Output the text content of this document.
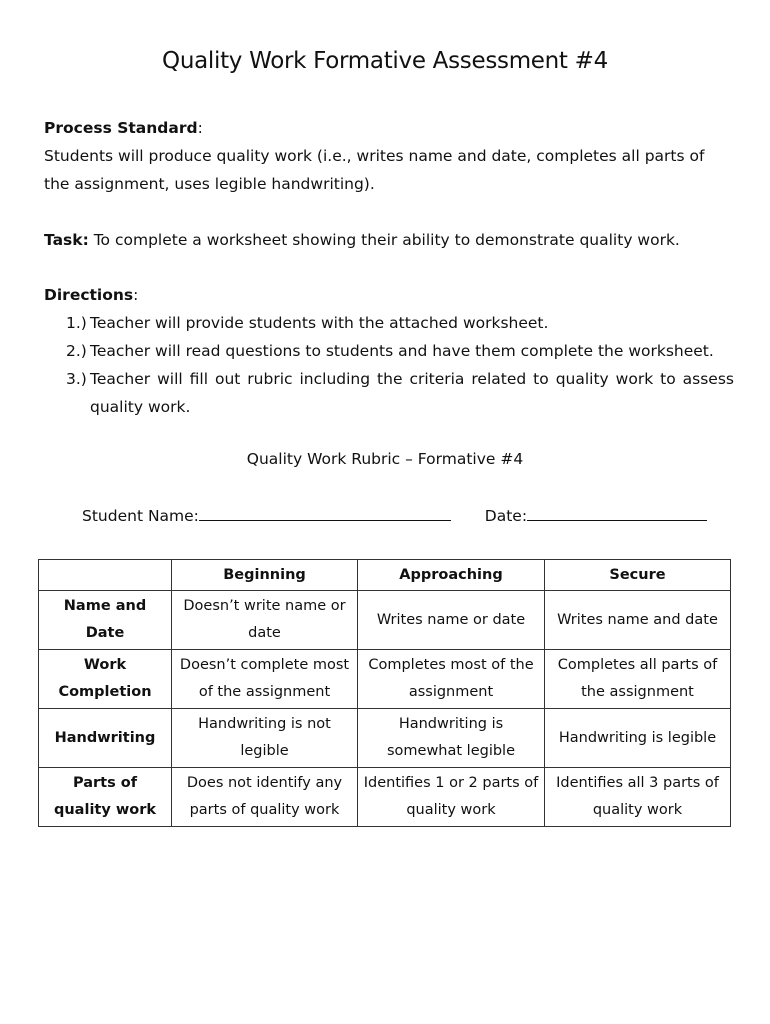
Quality Work Formative Assessment #4
Process Standard:
Students will produce quality work (i.e., writes name and date, completes all parts of the assignment, uses legible handwriting).
Task: To complete a worksheet showing their ability to demonstrate quality work.
Directions:
1.) Teacher will provide students with the attached worksheet.
2.) Teacher will read questions to students and have them complete the worksheet.
3.) Teacher will fill out rubric including the criteria related to quality work to assess quality work.
Quality Work Rubric – Formative #4
Student Name:	Date:
	Beginning	Approaching	Secure
Name and Date	Doesn’t write name or date	Writes name or date	Writes name and date
Work Completion	Doesn’t complete most of the assignment	Completes most of the assignment	Completes all parts of the assignment
Handwriting	Handwriting is not legible	Handwriting is somewhat legible	Handwriting is legible
Parts of quality work	Does not identify any parts of quality work	Identifies 1 or 2 parts of quality work	Identifies all 3 parts of quality work
